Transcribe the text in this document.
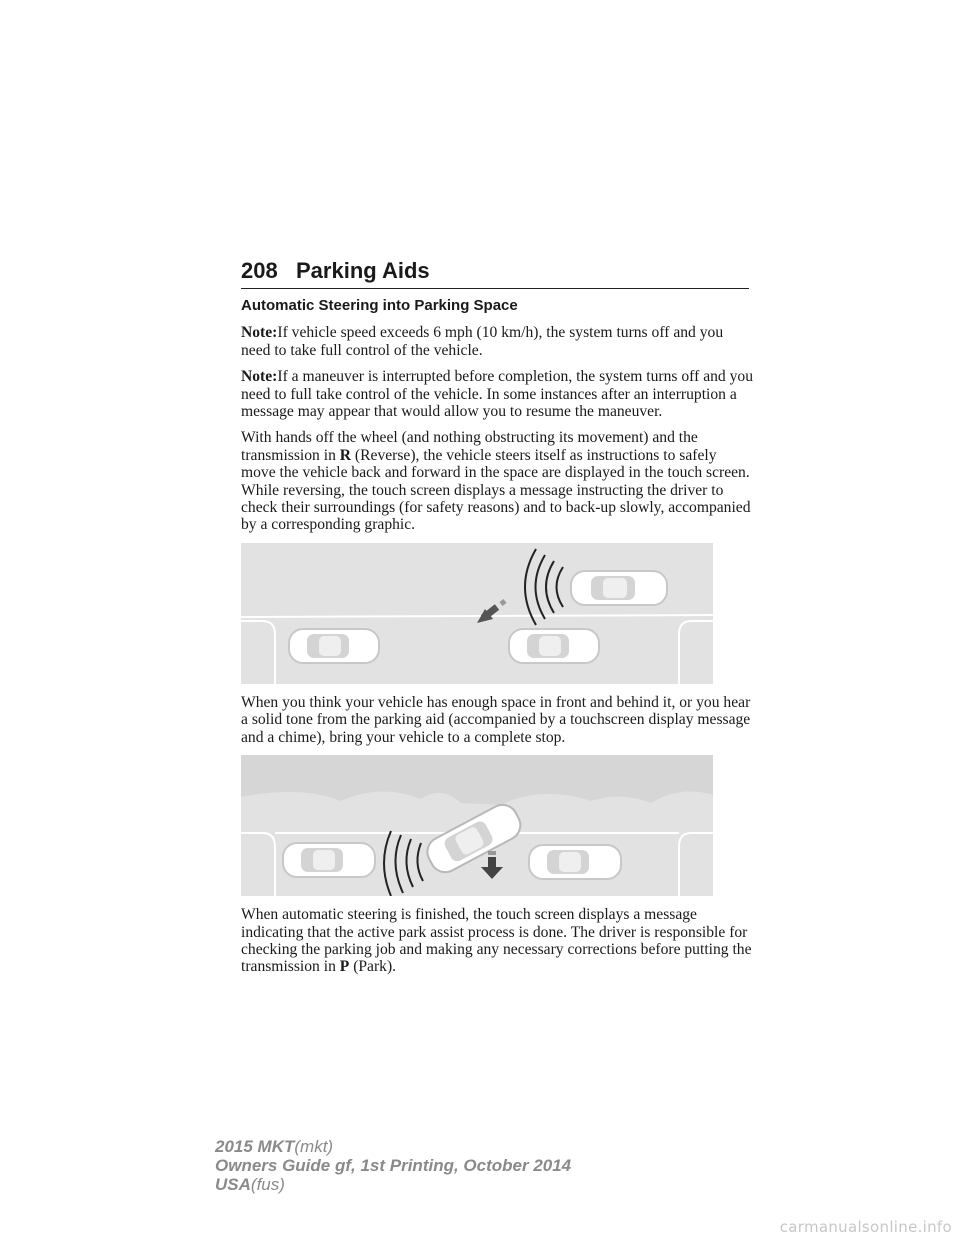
208 Parking Aids
Automatic Steering into Parking Space

Note:If vehicle speed exceeds 6 mph (10 km/h), the system turns off and you need to take full control of the vehicle.

Note:If a maneuver is interrupted before completion, the system turns off and you need to full take control of the vehicle. In some instances after an interruption a message may appear that would allow you to resume the maneuver.

With hands off the wheel (and nothing obstructing its movement) and the transmission in R (Reverse), the vehicle steers itself as instructions to safely move the vehicle back and forward in the space are displayed in the touch screen. While reversing, the touch screen displays a message instructing the driver to check their surroundings (for safety reasons) and to back-up slowly, accompanied by a corresponding graphic.

When you think your vehicle has enough space in front and behind it, or you hear a solid tone from the parking aid (accompanied by a touchscreen display message and a chime), bring your vehicle to a complete stop.

When automatic steering is finished, the touch screen displays a message indicating that the active park assist process is done. The driver is responsible for checking the parking job and making any necessary corrections before putting the transmission in P (Park).

2015 MKT(mkt)
Owners Guide gf, 1st Printing, October 2014
USA(fus)
carmanualsonline.info
